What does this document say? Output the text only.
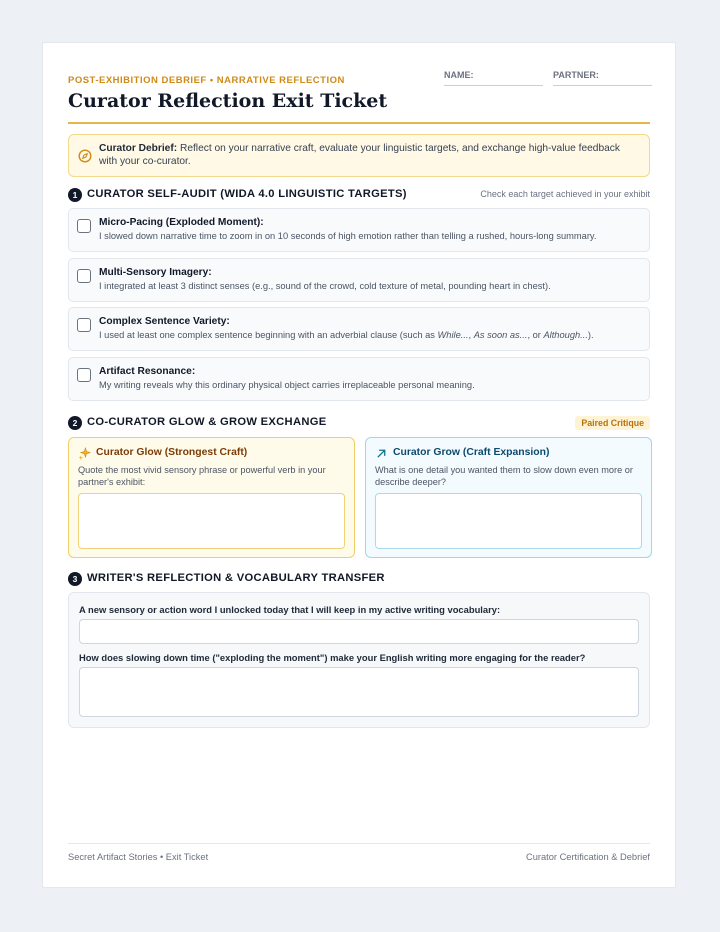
POST-EXHIBITION DEBRIEF • NARRATIVE REFLECTION
Curator Reflection Exit Ticket
NAME:	PARTNER:
Curator Debrief: Reflect on your narrative craft, evaluate your linguistic targets, and exchange high-value feedback with your co-curator.
1 CURATOR SELF-AUDIT (WIDA 4.0 LINGUISTIC TARGETS)	Check each target achieved in your exhibit
Micro-Pacing (Exploded Moment):
I slowed down narrative time to zoom in on 10 seconds of high emotion rather than telling a rushed, hours-long summary.
Multi-Sensory Imagery:
I integrated at least 3 distinct senses (e.g., sound of the crowd, cold texture of metal, pounding heart in chest).
Complex Sentence Variety:
I used at least one complex sentence beginning with an adverbial clause (such as While..., As soon as..., or Although...).
Artifact Resonance:
My writing reveals why this ordinary physical object carries irreplaceable personal meaning.
2 CO-CURATOR GLOW & GROW EXCHANGE	Paired Critique
Curator Glow (Strongest Craft)
Quote the most vivid sensory phrase or powerful verb in your partner's exhibit:
Curator Grow (Craft Expansion)
What is one detail you wanted them to slow down even more or describe deeper?
3 WRITER'S REFLECTION & VOCABULARY TRANSFER
A new sensory or action word I unlocked today that I will keep in my active writing vocabulary:
How does slowing down time ("exploding the moment") make your English writing more engaging for the reader?
Secret Artifact Stories • Exit Ticket	Curator Certification & Debrief
